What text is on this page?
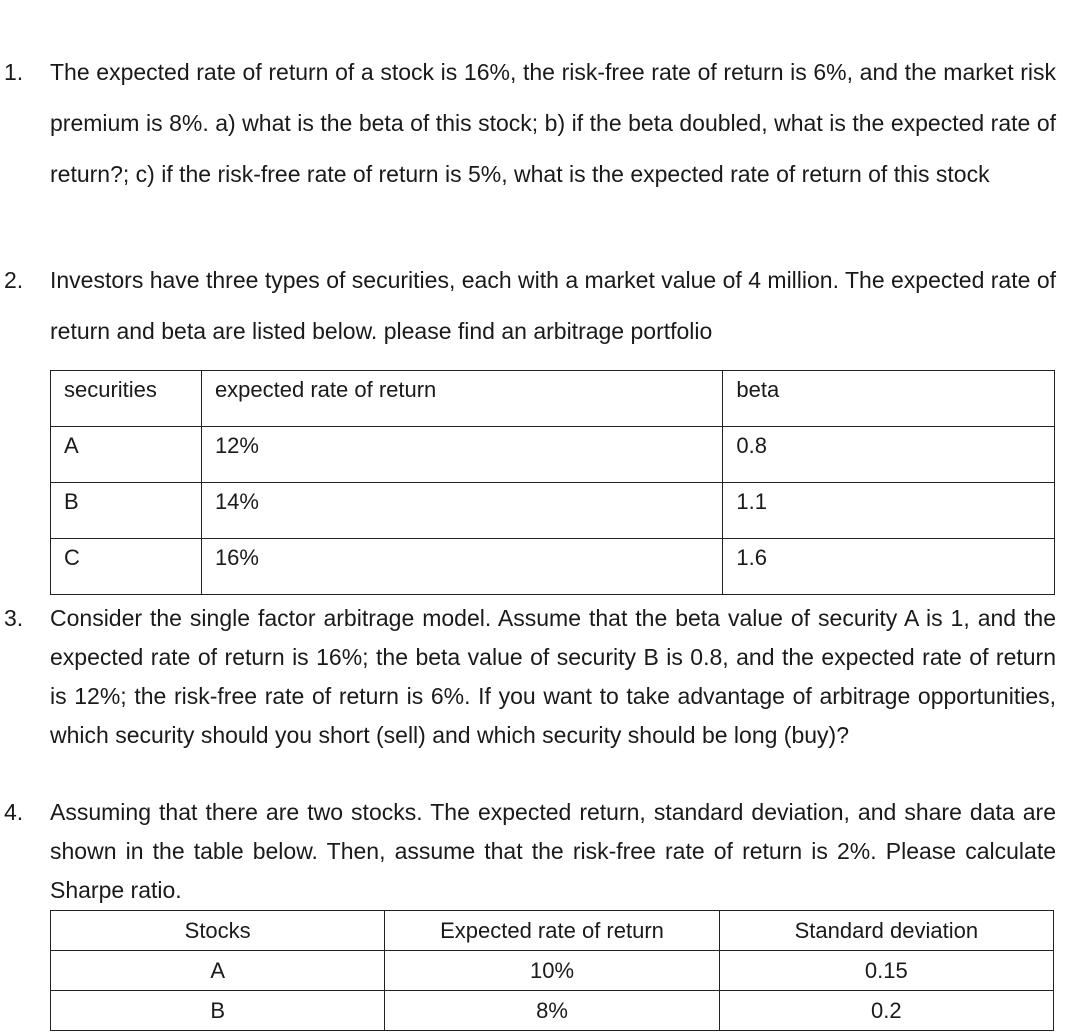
1.	The expected rate of return of a stock is 16%, the risk-free rate of return is 6%, and the market risk premium is 8%. a) what is the beta of this stock; b) if the beta doubled, what is the expected rate of return?; c) if the risk-free rate of return is 5%, what is the expected rate of return of this stock
2.	Investors have three types of securities, each with a market value of 4 million. The expected rate of return and beta are listed below. please find an arbitrage portfolio
securities	expected rate of return	beta
A	12%	0.8
B	14%	1.1
C	16%	1.6
3.	Consider the single factor arbitrage model. Assume that the beta value of security A is 1, and the expected rate of return is 16%; the beta value of security B is 0.8, and the expected rate of return is 12%; the risk-free rate of return is 6%. If you want to take advantage of arbitrage opportunities, which security should you short (sell) and which security should be long (buy)?
4.	Assuming that there are two stocks. The expected return, standard deviation, and share data are shown in the table below. Then, assume that the risk-free rate of return is 2%. Please calculate Sharpe ratio.
Stocks	Expected rate of return	Standard deviation
A	10%	0.15
B	8%	0.2
